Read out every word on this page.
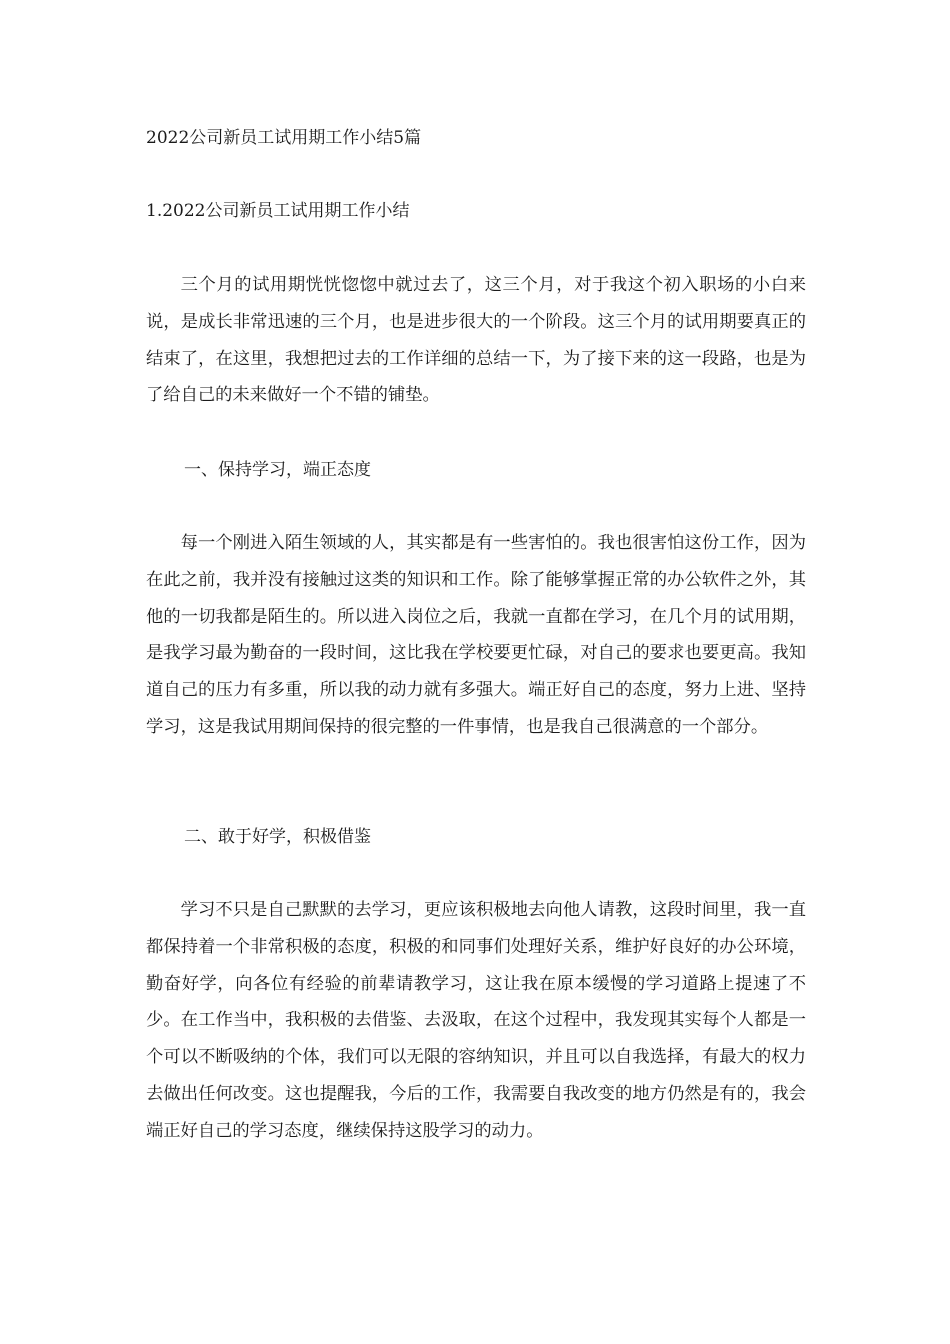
2022公司新员工试用期工作小结5篇
1.2022公司新员工试用期工作小结

三个月的试用期恍恍惚惚中就过去了，这三个月，对于我这个初入职场的小白来说，是成长非常迅速的三个月，也是进步很大的一个阶段。这三个月的试用期要真正的结束了，在这里，我想把过去的工作详细的总结一下，为了接下来的这一段路，也是为了给自己的未来做好一个不错的铺垫。

一、保持学习，端正态度

每一个刚进入陌生领域的人，其实都是有一些害怕的。我也很害怕这份工作，因为在此之前，我并没有接触过这类的知识和工作。除了能够掌握正常的办公软件之外，其他的一切我都是陌生的。所以进入岗位之后，我就一直都在学习，在几个月的试用期，是我学习最为勤奋的一段时间，这比我在学校要更忙碌，对自己的要求也要更高。我知道自己的压力有多重，所以我的动力就有多强大。端正好自己的态度，努力上进、坚持学习，这是我试用期间保持的很完整的一件事情，也是我自己很满意的一个部分。

二、敢于好学，积极借鉴

学习不只是自己默默的去学习，更应该积极地去向他人请教，这段时间里，我一直都保持着一个非常积极的态度，积极的和同事们处理好关系，维护好良好的办公环境，勤奋好学，向各位有经验的前辈请教学习，这让我在原本缓慢的学习道路上提速了不少。在工作当中，我积极的去借鉴、去汲取，在这个过程中，我发现其实每个人都是一个可以不断吸纳的个体，我们可以无限的容纳知识，并且可以自我选择，有最大的权力去做出任何改变。这也提醒我，今后的工作，我需要自我改变的地方仍然是有的，我会端正好自己的学习态度，继续保持这股学习的动力。
